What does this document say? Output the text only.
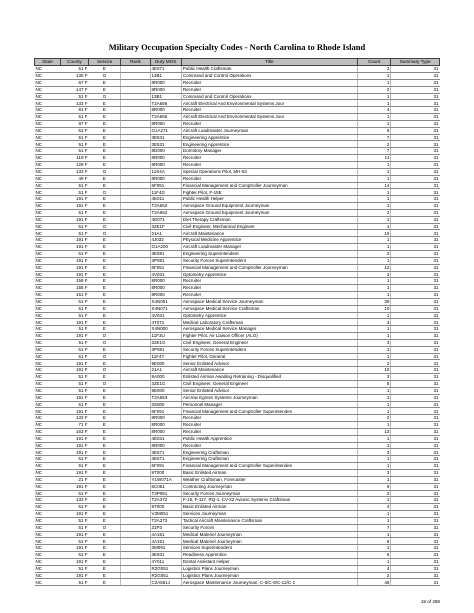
Military Occupation Specialty Codes - North Carolina to Rhode Island
State	County	Service	Rank	Duty MOS	Title	Count	Summary Type
NC	51 F	E		4E071	Public Health Craftsman	3	31
NC	135 F	O		13B1	Command and Control Operations	1	31
NC	67 F	E		8R000	Recruiter	1	31
NC	147 F	E		8R000	Recruiter	2	31
NC	51 F	O		13B1	Command and Control Operations	1	31
NC	133 F	E		T2A656	Aircraft Electrical And Environmental Systems Jour	1	31
NC	81 F	E		8R000	Recruiter	4	31
NC	51 F	E		T2A656	Aircraft Electrical And Environmental Systems Jour	1	31
NC	87 F	E		8R000	Recruiter	1	31
NC	51 F	E		G1A271	Aircraft Loadmaster Journeyman	9	31
NC	51 F	E		3E531	Engineering Apprentice	7	31
NC	51 F	E		3E531	Engineering Apprentice	2	31
NC	51 F	E		8D000	Dormitory Manager	7	31
NC	119 F	E		8R000	Recruiter	11	31
NC	129 F	E		8R000	Recruiter	1	31
NC	133 F	O		11S4A	Special Operations Pilot, MH-53	1	31
NC	49 F	E		8R000	Recruiter	1	31
NC	51 F	E		6F051	Financial Management and Comptroller Journeyman	14	31
NC	51 F	O		11F4G	Fighter Pilot, F-15E	1	31
NC	191 F	E		4E011	Public Health Helper	1	31
NC	191 F	E		T2A652	Aerospace Ground Equipment Journeyman	1	31
NC	51 F	E		T2A652	Aerospace Ground Equipment Journeyman	2	31
NC	191 F	E		4D071	Diet Therapy Craftsman	1	31
NC	51 F	O		32E1F	Civil Engineer, Mechanical Engineer	1	31
NC	51 F	O		21A1	Aircraft Maintenance	16	31
NC	191 F	E		4J032	Physical Medicine Apprentice	1	31
NC	191 F	E		G1A200	Aircraft Loadmaster Manager	1	31
NC	51 F	E		3E591	Engineering Superintendent	2	31
NC	191 F	E		3P091	Security Forces Superintendent	1	31
NC	191 F	E		6F051	Financial Management and Comptroller Journeyman	12	31
NC	191 F	E		4V031	Optometry Apprentice	3	31
NC	159 F	E		8R000	Recruiter	1	31
NC	155 F	E		8R000	Recruiter	1	31
NC	151 F	E		8R000	Recruiter	1	31
NC	51 F	E		X4N051	Aerospace Medical Service Journeyman	39	31
NC	51 F	E		X4N071	Aerospace Medical Service Craftsman	10	31
NC	51 F	E		4V031	Optometry Apprentice	1	31
NC	191 F	E		4T071	Medical Laboratory Craftsman	4	31
NC	51 F	E		X4N000	Aerospace Medical Service Manager	1	31
NC	191 F	O		11F3U	Fighter Pilot, Air Liaison Officer (ALO)	1	31
NC	51 F	O		32E1G	Civil Engineer, General Engineer	3	31
NC	51 F	E		3P091	Security Forces Superintendent	1	31
NC	51 F	O		11F4Y	Fighter Pilot, General	1	31
NC	191 F	E		9E000	Senior Enlisted Advisor	2	31
NC	191 F	O		21A1	Aircraft Maintenance	10	31
NC	51 F	E		9A000	Enlisted Airman Awaiting Retraining - Disqualified	3	31
NC	51 F	O		32E1G	Civil Engineer, General Engineer	5	31
NC	51 F	E		9E000	Senior Enlisted Advisor	1	31
NC	191 F	E		T2A653	Aircrew Egress Systems Journeyman	1	31
NC	51 F	E		3S000	Personnel Manager	1	31
NC	191 F	E		6F091	Financial Management and Comptroller Superintenden	1	31
NC	133 F	E		8R000	Recruiter	2	31
NC	71 F	E		8R000	Recruiter	1	31
NC	163 F	E		8R000	Recruiter	13	31
NC	191 F	E		4E031	Public Health Apprentice	1	31
NC	181 F	E		8R000	Recruiter	1	31
NC	191 F	E		3E571	Engineering Craftsman	3	31
NC	51 F	E		3E571	Engineering Craftsman	1	31
NC	51 F	E		6F091	Financial Management and Comptroller Superintenden	1	31
NC	191 F	E		9T000	Basic Enlisted Airman	3	31
NC	21 F	E		Y1W071A	Weather Craftsman, Forecaster	1	31
NC	191 F	E		6C051	Contracting Journeyman	9	31
NC	51 F	E		T3P051	Security Forces Journeyman	2	31
NC	133 F	E		T2A372	F-15, F-117, RQ-1, CV-22 Avionic Systems Craftsman	1	31
NC	51 F	E		9T000	Basic Enlisted Airman	4	31
NC	191 F	E		V3M051	Services Journeyman	1	31
NC	51 F	E		T2A373	Tactical Aircraft Maintenance Craftsman	1	31
NC	51 F	O		31P3	Security Forces	7	31
NC	191 F	E		4A151	Medical Materiel Journeyman	1	31
NC	51 F	E		4A151	Medical Materiel Journeyman	8	31
NC	191 F	E		3M091	Services Superintendent	1	31
NC	51 F	E		3E931	Readiness Apprentice	6	31
NC	191 F	E		4Y011	Dental Assistant Helper	1	31
NC	51 F	E		R2G051	Logistics Plans Journeyman	4	31
NC	191 F	E		R2G051	Logistics Plans Journeyman	2	31
NC	51 F	E		C2A551J	Aerospace Maintenance Journeyman, C-5/C-9/C-12/C-1	46	31
19 of 288
